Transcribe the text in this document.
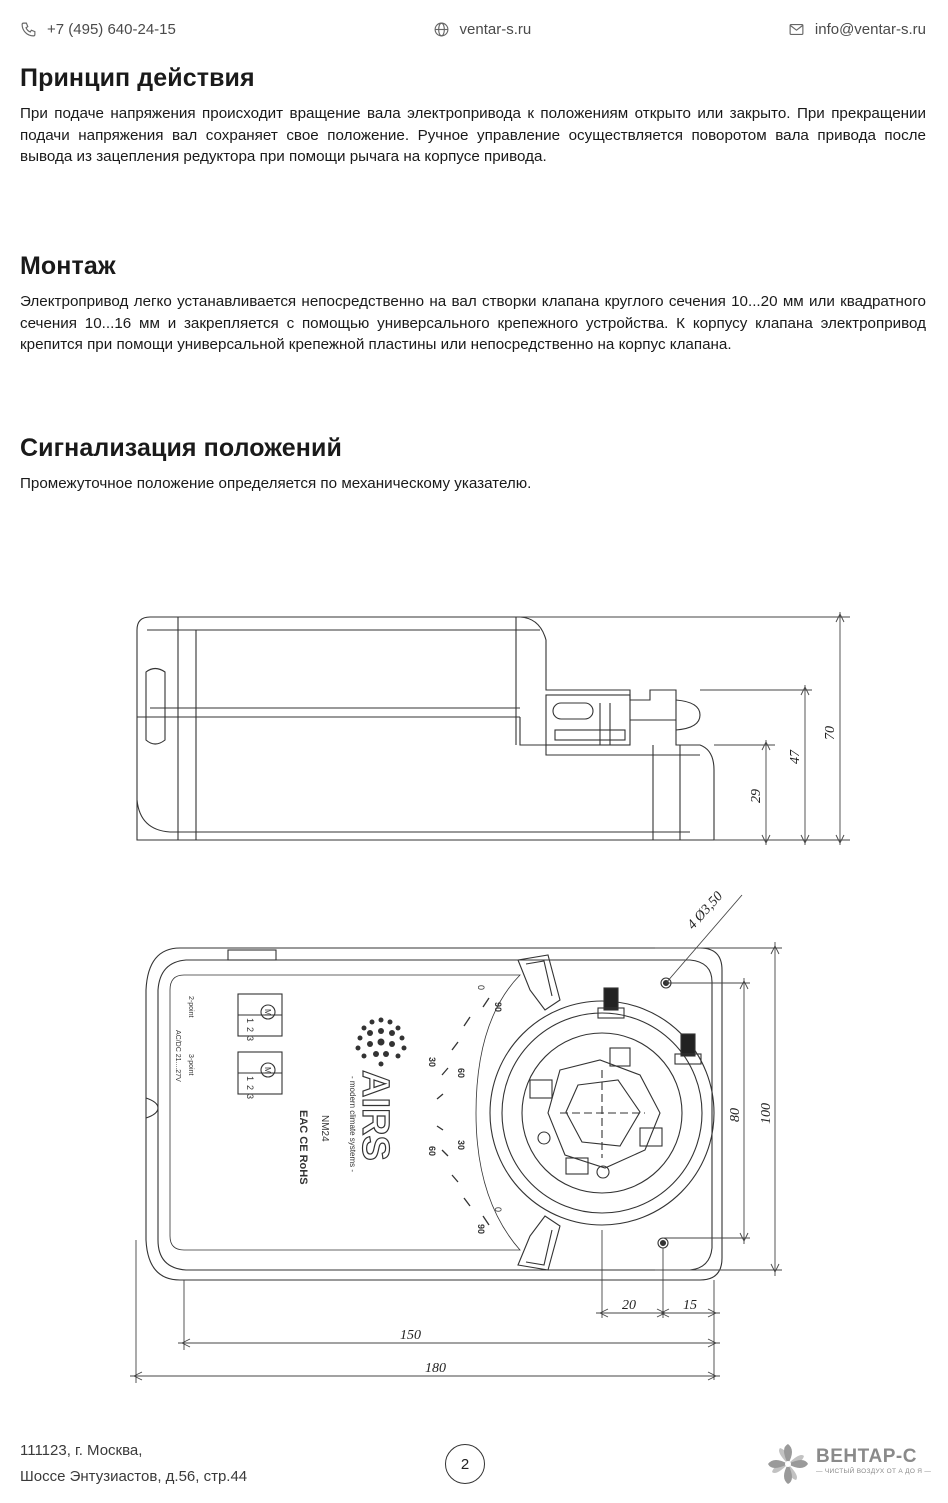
+7 (495) 640-24-15	ventar-s.ru	info@ventar-s.ru
Принцип действия

При подаче напряжения происходит вращение вала электропривода к положениям открыто или закрыто. При прекращении подачи напряжения вал сохраняет свое положение. Ручное управление осуществляется поворотом вала привода после вывода из зацепления редуктора при помощи рычага на корпусе привода.

Монтаж

Электропривод легко устанавливается непосредственно на вал створки клапана круглого сечения 10...20 мм или квадратного сечения 10...16 мм и закрепляется с помощью универсального крепежного устройства. К корпусу клапана электропривод крепится при помощи универсальной крепежной пластины или непосредственно на корпус клапана.

Сигнализация положений

Промежуточное положение определяется по механическому указателю.

70
47
29
100
80
20	15
150
180
4 Ø3,50
AIRS
- modern climate systems -
NM24
EAC CE RoHS
AC/DC 21....27V
2-point
3-point
1
2
3
1
2
3
M
M
0
30
60
90
60
30
0
90
111123, г. Москва,
Шоссе Энтузиастов, д.56, стр.44
2	ВЕНТАР-С
— ЧИСТЫЙ ВОЗДУХ ОТ А ДО Я —
